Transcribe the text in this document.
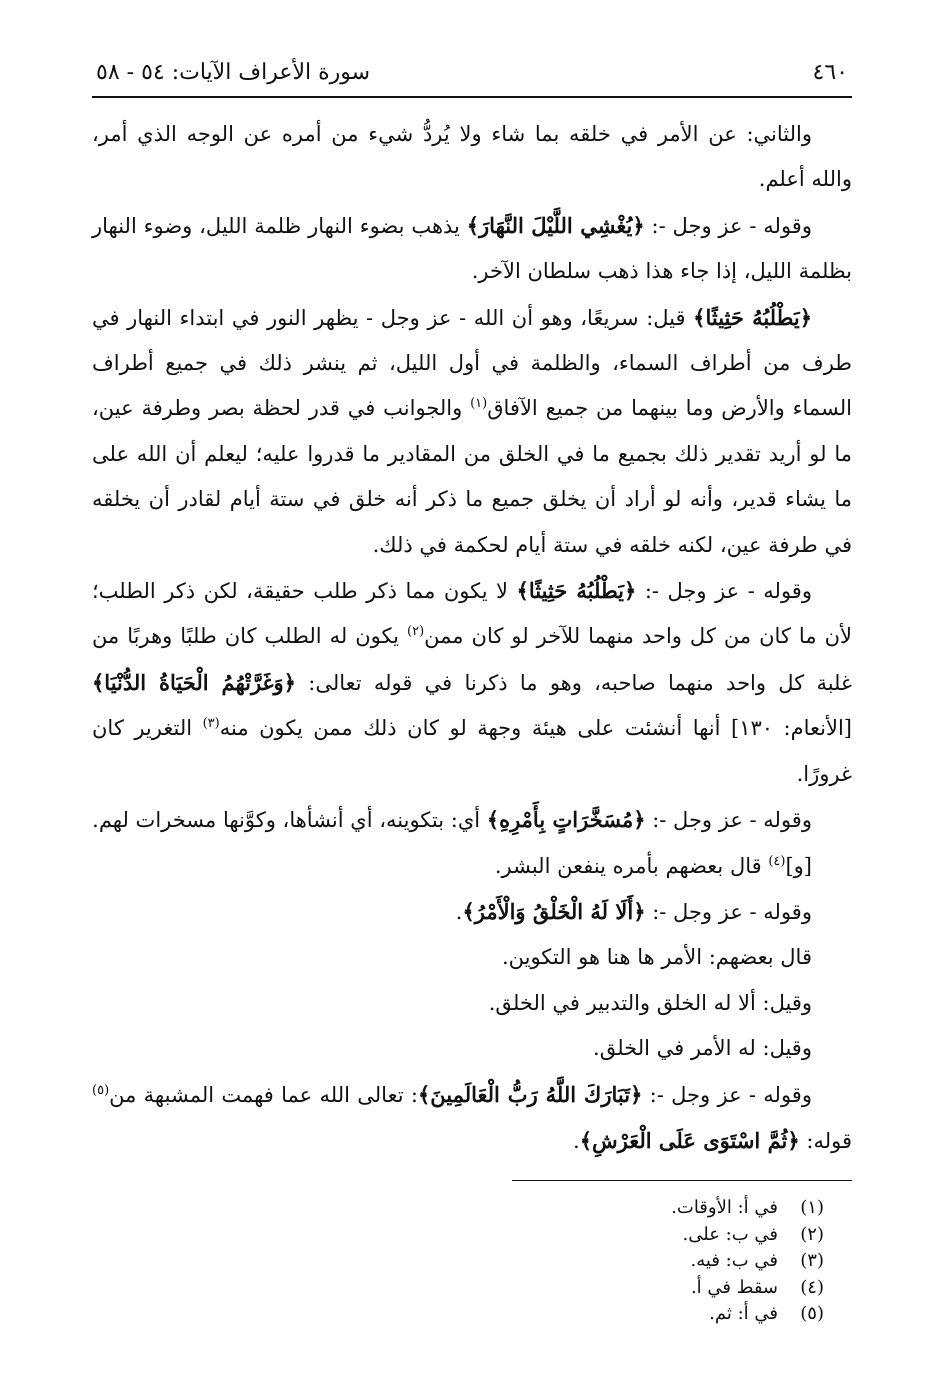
٤٦٠
سورة الأعراف الآيات: ٥٤ - ٥٨

والثاني: عن الأمر في خلقه بما شاء ولا يُردُّ شيء من أمره عن الوجه الذي أمر، والله أعلم.

وقوله - عز وجل -: ﴿يُغْشِي اللَّيْلَ النَّهَارَ﴾ يذهب بضوء النهار ظلمة الليل، وضوء النهار بظلمة الليل، إذا جاء هذا ذهب سلطان الآخر.

﴿يَطْلُبُهُ حَثِيثًا﴾ قيل: سريعًا، وهو أن الله - عز وجل - يظهر النور في ابتداء النهار في طرف من أطراف السماء، والظلمة في أول الليل، ثم ينشر ذلك في جميع أطراف السماء والأرض وما بينهما من جميع الآفاق$^{(١)}$ والجوانب في قدر لحظة بصر وطرفة عين، ما لو أريد تقدير ذلك بجميع ما في الخلق من المقادير ما قدروا عليه؛ ليعلم أن الله على ما يشاء قدير، وأنه لو أراد أن يخلق جميع ما ذكر أنه خلق في ستة أيام لقادر أن يخلقه في طرفة عين، لكنه خلقه في ستة أيام لحكمة في ذلك.

وقوله - عز وجل -: ﴿يَطْلُبُهُ حَثِيثًا﴾ لا يكون مما ذكر طلب حقيقة، لكن ذكر الطلب؛ لأن ما كان من كل واحد منهما للآخر لو كان ممن$^{(٢)}$ يكون له الطلب كان طلبًا وهربًا من غلبة كل واحد منهما صاحبه، وهو ما ذكرنا في قوله تعالى: ﴿وَغَرَّتْهُمُ الْحَيَاةُ الدُّنْيَا﴾ [الأنعام: ١٣٠] أنها أنشئت على هيئة وجهة لو كان ذلك ممن يكون منه$^{(٣)}$ التغرير كان غرورًا.

وقوله - عز وجل -: ﴿مُسَخَّرَاتٍ بِأَمْرِهِ﴾ أي: بتكوينه، أي أنشأها، وكوَّنها مسخرات لهم.

[و]$^{(٤)}$ قال بعضهم بأمره ينفعن البشر.

وقوله - عز وجل -: ﴿أَلَا لَهُ الْخَلْقُ وَالْأَمْرُ﴾.

قال بعضهم: الأمر ها هنا هو التكوين.

وقيل: ألا له الخلق والتدبير في الخلق.

وقيل: له الأمر في الخلق.

وقوله - عز وجل -: ﴿تَبَارَكَ اللَّهُ رَبُّ الْعَالَمِينَ﴾: تعالى الله عما فهمت المشبهة من$^{(٥)}$ قوله: ﴿ثُمَّ اسْتَوَى عَلَى الْعَرْشِ﴾.

(١)في أ: الأوقات.
(٢)في ب: على.
(٣)في ب: فيه.
(٤)سقط في أ.
(٥)في أ: ثم.
